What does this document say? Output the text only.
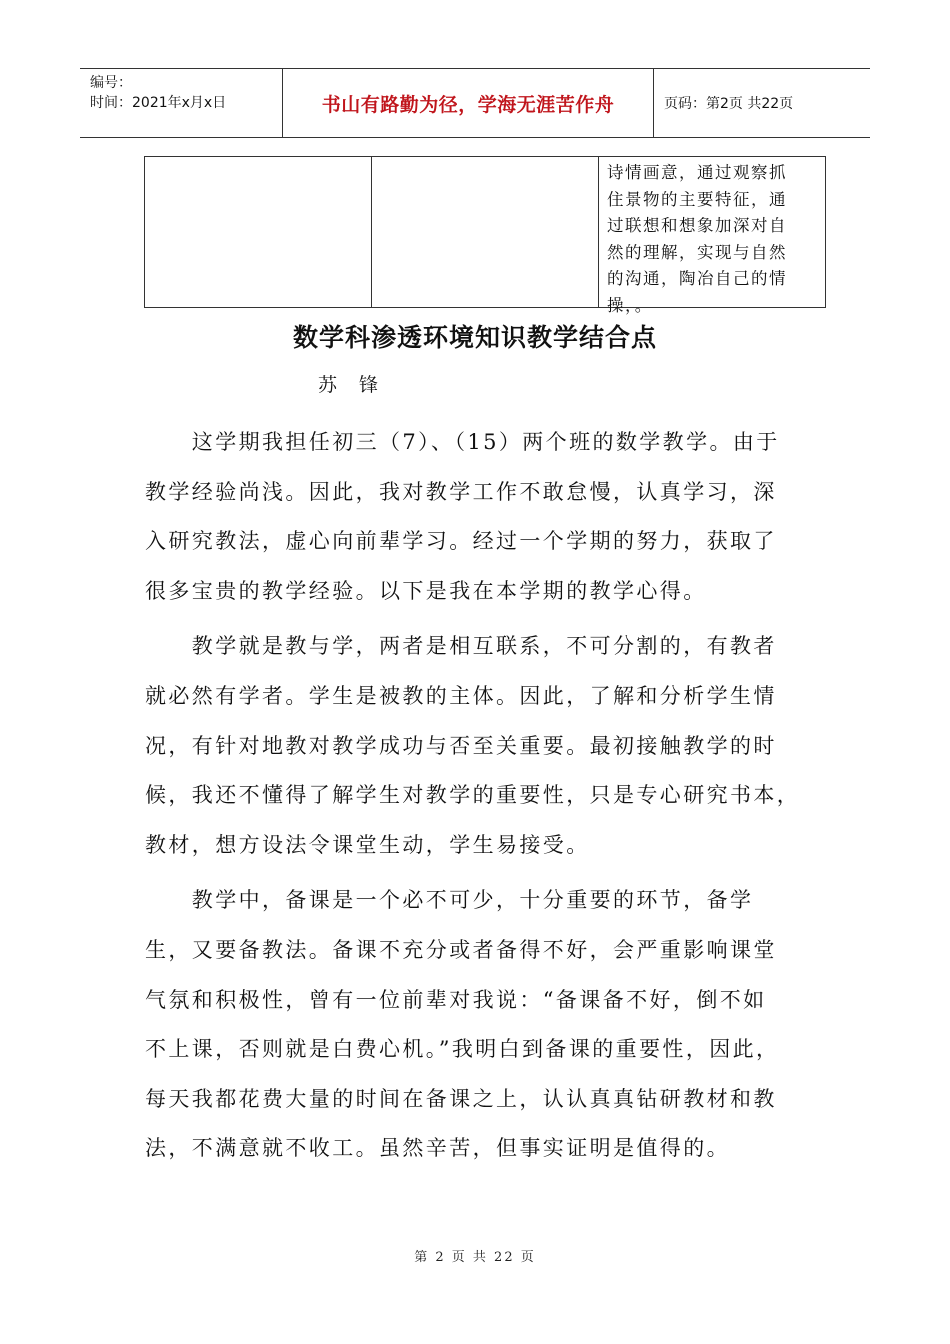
编号：
时间：2021年x月x日	书山有路勤为径，学海无涯苦作舟	页码：第2页 共22页
诗情画意，通过观察抓
住景物的主要特征，通
过联想和想象加深对自
然的理解，实现与自然
的沟通，陶冶自己的情
操，。
数学科渗透环境知识教学结合点
苏 锋
　　这学期我担任初三（7）、（15）两个班的数学教学。由于
教学经验尚浅。因此，我对教学工作不敢怠慢，认真学习，深
入研究教法，虚心向前辈学习。经过一个学期的努力，获取了
很多宝贵的教学经验。以下是我在本学期的教学心得。
　　教学就是教与学，两者是相互联系，不可分割的，有教者
就必然有学者。学生是被教的主体。因此，了解和分析学生情
况，有针对地教对教学成功与否至关重要。最初接触教学的时
候，我还不懂得了解学生对教学的重要性，只是专心研究书本，
教材，想方设法令课堂生动，学生易接受。
　　教学中，备课是一个必不可少，十分重要的环节，备学
生，又要备教法。备课不充分或者备得不好，会严重影响课堂
气氛和积极性，曾有一位前辈对我说：“备课备不好，倒不如
不上课，否则就是白费心机。”我明白到备课的重要性，因此，
每天我都花费大量的时间在备课之上，认认真真钻研教材和教
法，不满意就不收工。虽然辛苦，但事实证明是值得的。
第 2 页 共 22 页
